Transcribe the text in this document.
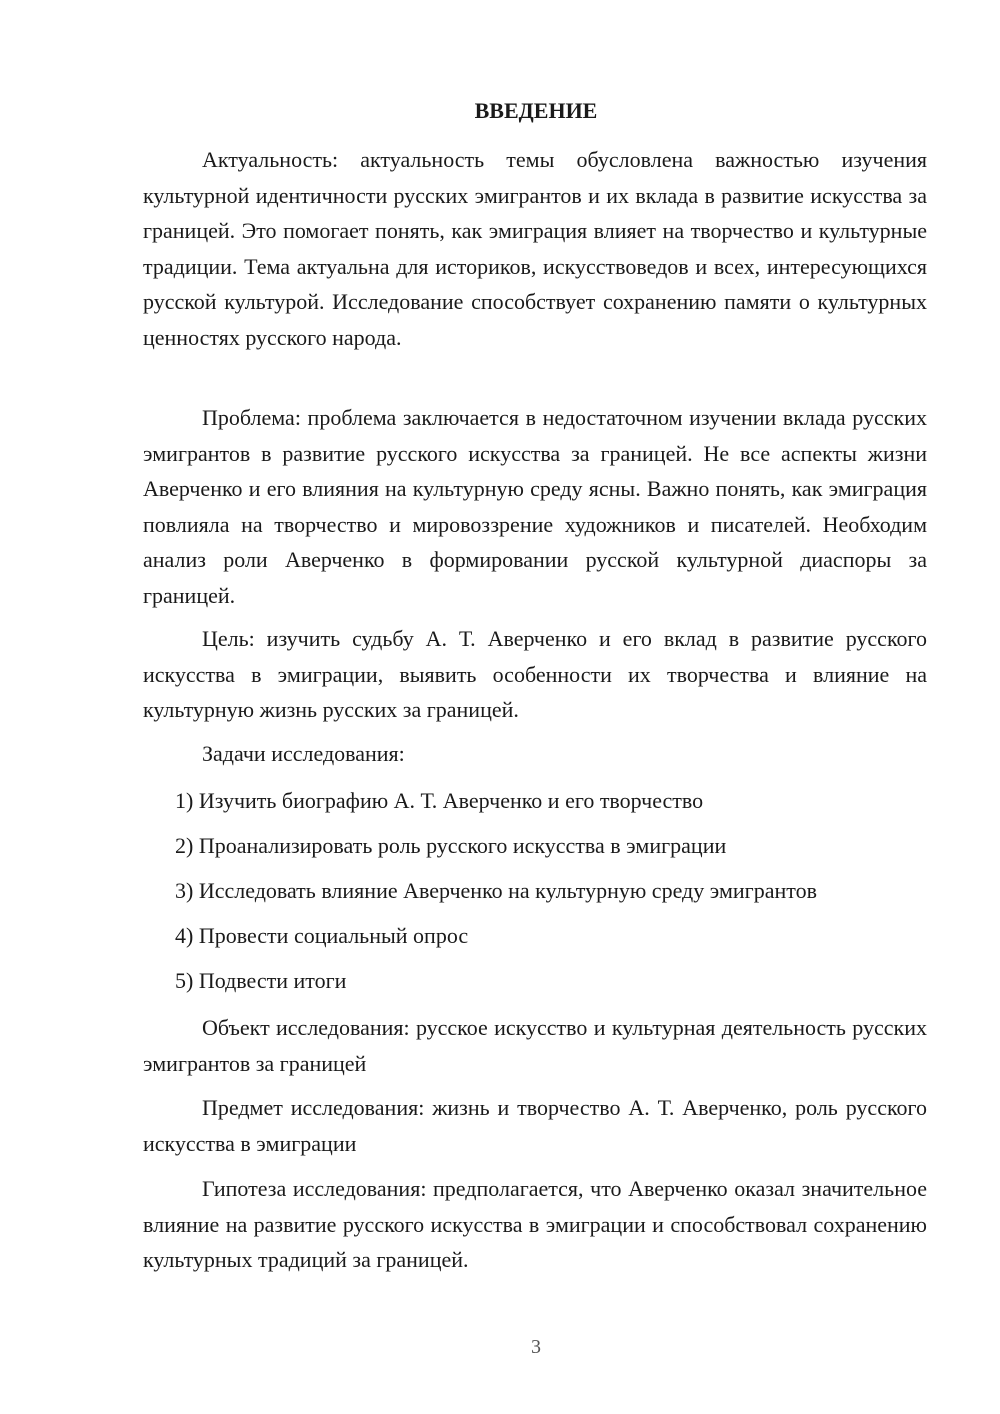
ВВЕДЕНИЕ

Актуальность: актуальность темы обусловлена важностью изучения культурной идентичности русских эмигрантов и их вклада в развитие искусства за границей. Это помогает понять, как эмиграция влияет на творчество и культурные традиции. Тема актуальна для историков, искусствоведов и всех, интересующихся русской культурой. Исследование способствует сохранению памяти о культурных ценностях русского народа.

Проблема: проблема заключается в недостаточном изучении вклада русских эмигрантов в развитие русского искусства за границей. Не все аспекты жизни Аверченко и его влияния на культурную среду ясны. Важно понять, как эмиграция повлияла на творчество и мировоззрение художников и писателей. Необходим анализ роли Аверченко в формировании русской культурной диаспоры за границей.

Цель: изучить судьбу А. Т. Аверченко и его вклад в развитие русского искусства в эмиграции, выявить особенности их творчества и влияние на культурную жизнь русских за границей.

Задачи исследования:

1) Изучить биографию А. Т. Аверченко и его творчество

2) Проанализировать роль русского искусства в эмиграции

3) Исследовать влияние Аверченко на культурную среду эмигрантов

4) Провести социальный опрос

5) Подвести итоги

Объект исследования: русское искусство и культурная деятельность русских эмигрантов за границей

Предмет исследования: жизнь и творчество А. Т. Аверченко, роль русского искусства в эмиграции

Гипотеза исследования: предполагается, что Аверченко оказал значительное влияние на развитие русского искусства в эмиграции и способствовал сохранению культурных традиций за границей.

3
